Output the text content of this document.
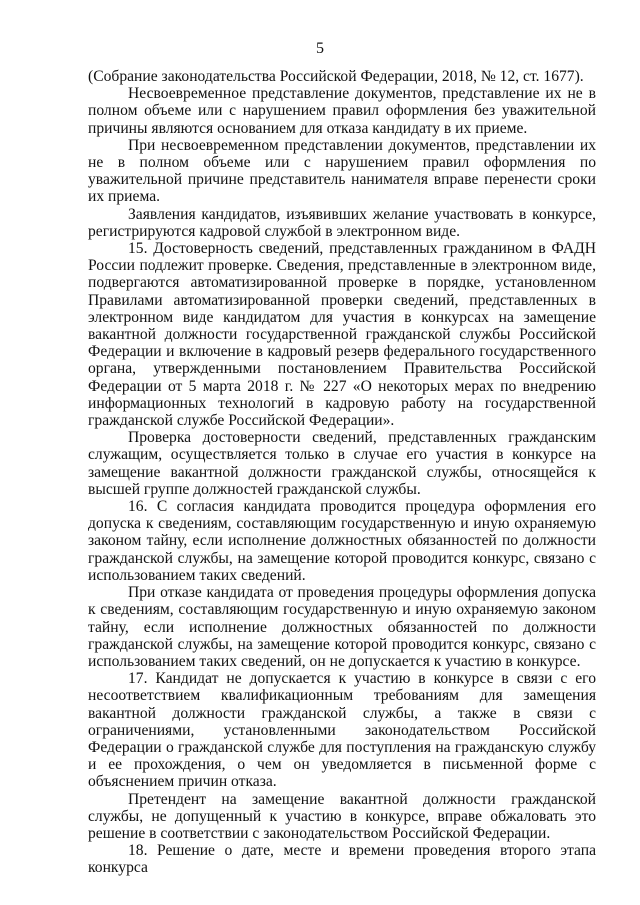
5

(Собрание законодательства Российской Федерации, 2018, № 12, ст. 1677).

Несвоевременное представление документов, представление их не в полном объеме или с нарушением правил оформления без уважительной причины являются основанием для отказа кандидату в их приеме.

При несвоевременном представлении документов, представлении их не в полном объеме или с нарушением правил оформления по уважительной причине представитель нанимателя вправе перенести сроки их приема.

Заявления кандидатов, изъявивших желание участвовать в конкурсе, регистрируются кадровой службой в электронном виде.

15. Достоверность сведений, представленных гражданином в ФАДН России подлежит проверке. Сведения, представленные в электронном виде, подвергаются автоматизированной проверке в порядке, установленном Правилами автоматизированной проверки сведений, представленных в электронном виде кандидатом для участия в конкурсах на замещение вакантной должности государственной гражданской службы Российской Федерации и включение в кадровый резерв федерального государственного органа, утвержденными постановлением Правительства Российской Федерации от 5 марта 2018 г. № 227 «О некоторых мерах по внедрению информационных технологий в кадровую работу на государственной гражданской службе Российской Федерации».

Проверка достоверности сведений, представленных гражданским служащим, осуществляется только в случае его участия в конкурсе на замещение вакантной должности гражданской службы, относящейся к высшей группе должностей гражданской службы.

16. С согласия кандидата проводится процедура оформления его допуска к сведениям, составляющим государственную и иную охраняемую законом тайну, если исполнение должностных обязанностей по должности гражданской службы, на замещение которой проводится конкурс, связано с использованием таких сведений.

При отказе кандидата от проведения процедуры оформления допуска к сведениям, составляющим государственную и иную охраняемую законом тайну, если исполнение должностных обязанностей по должности гражданской службы, на замещение которой проводится конкурс, связано с использованием таких сведений, он не допускается к участию в конкурсе.

17. Кандидат не допускается к участию в конкурсе в связи с его несоответствием квалификационным требованиям для замещения вакантной должности гражданской службы, а также в связи с ограничениями, установленными законодательством Российской Федерации о гражданской службе для поступления на гражданскую службу и ее прохождения, о чем он уведомляется в письменной форме с объяснением причин отказа.

Претендент на замещение вакантной должности гражданской службы, не допущенный к участию в конкурсе, вправе обжаловать это решение в соответствии с законодательством Российской Федерации.

18. Решение о дате, месте и времени проведения второго этапа конкурса
